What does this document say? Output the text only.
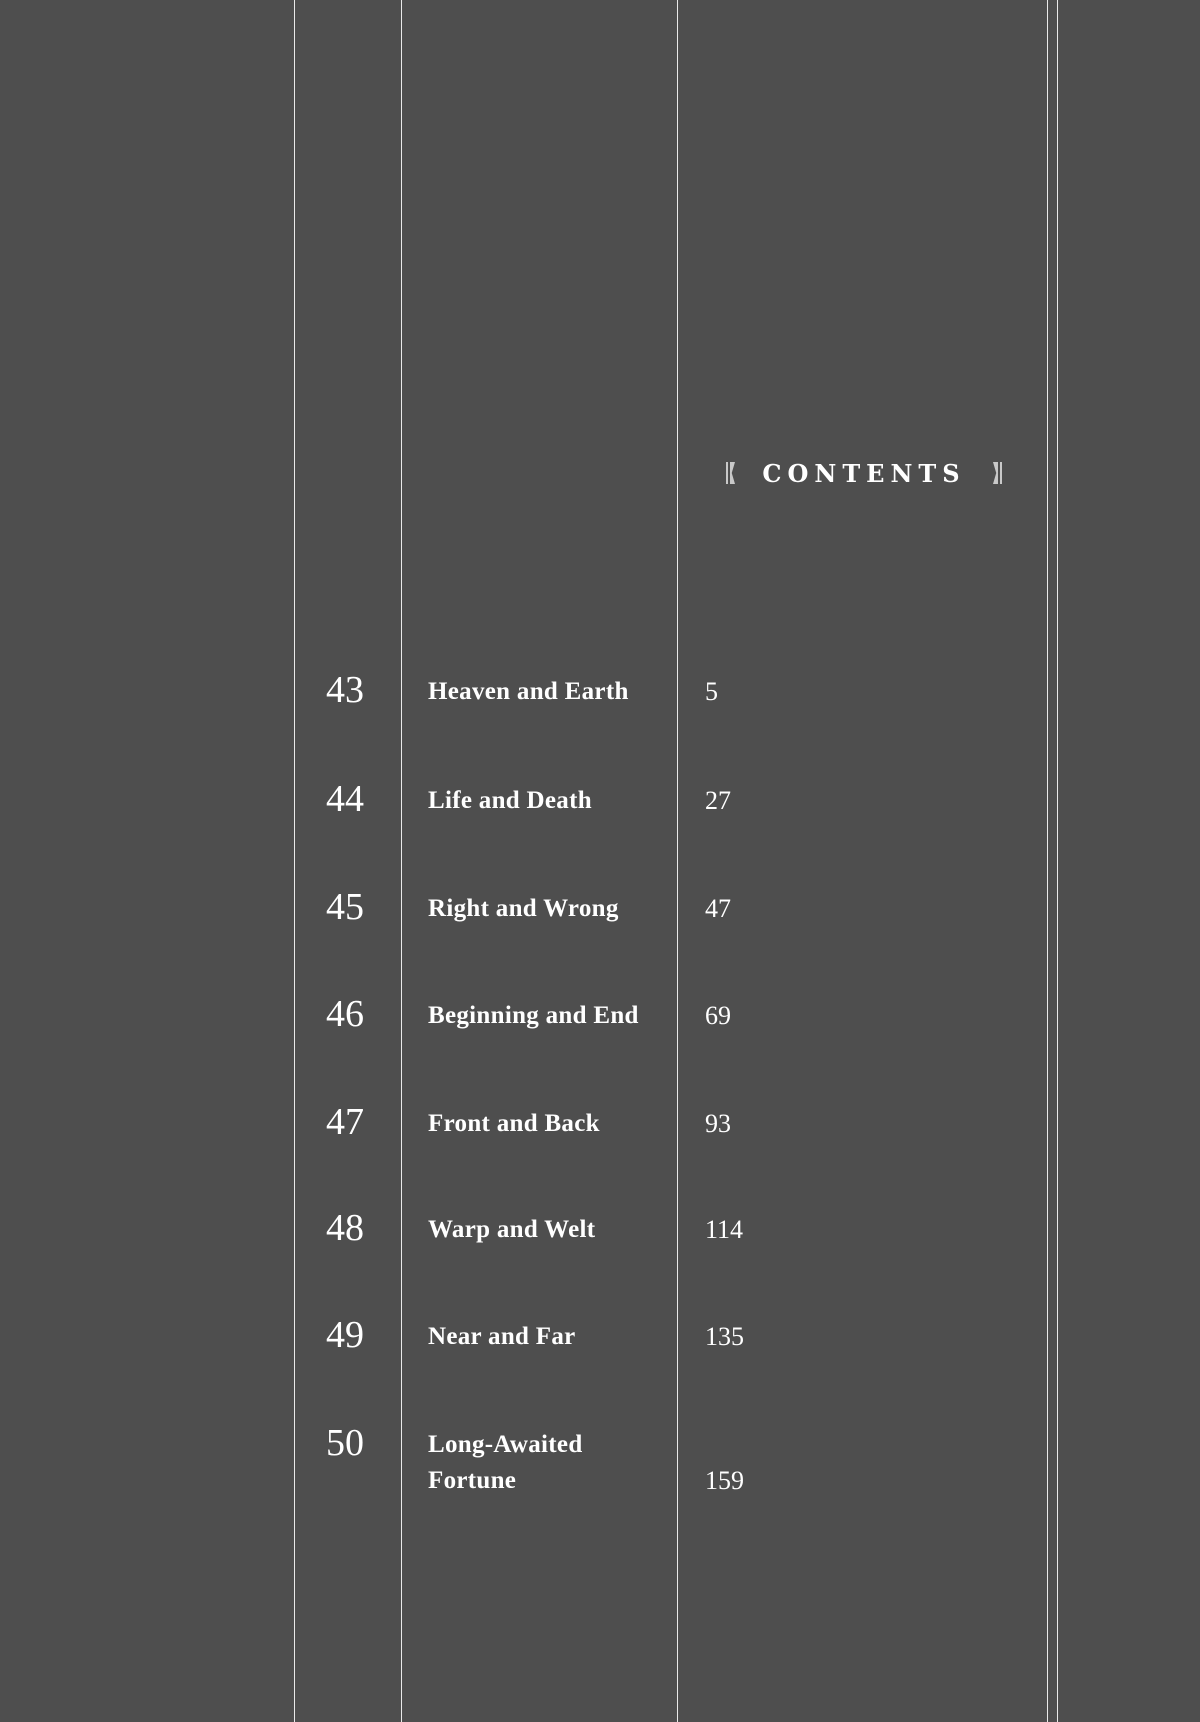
CONTENTS
43	Heaven and Earth	5
44	Life and Death	27
45	Right and Wrong	47
46	Beginning and End	69
47	Front and Back	93
48	Warp and Welt	114
49	Near and Far	135
50	Long-Awaited Fortune	159
